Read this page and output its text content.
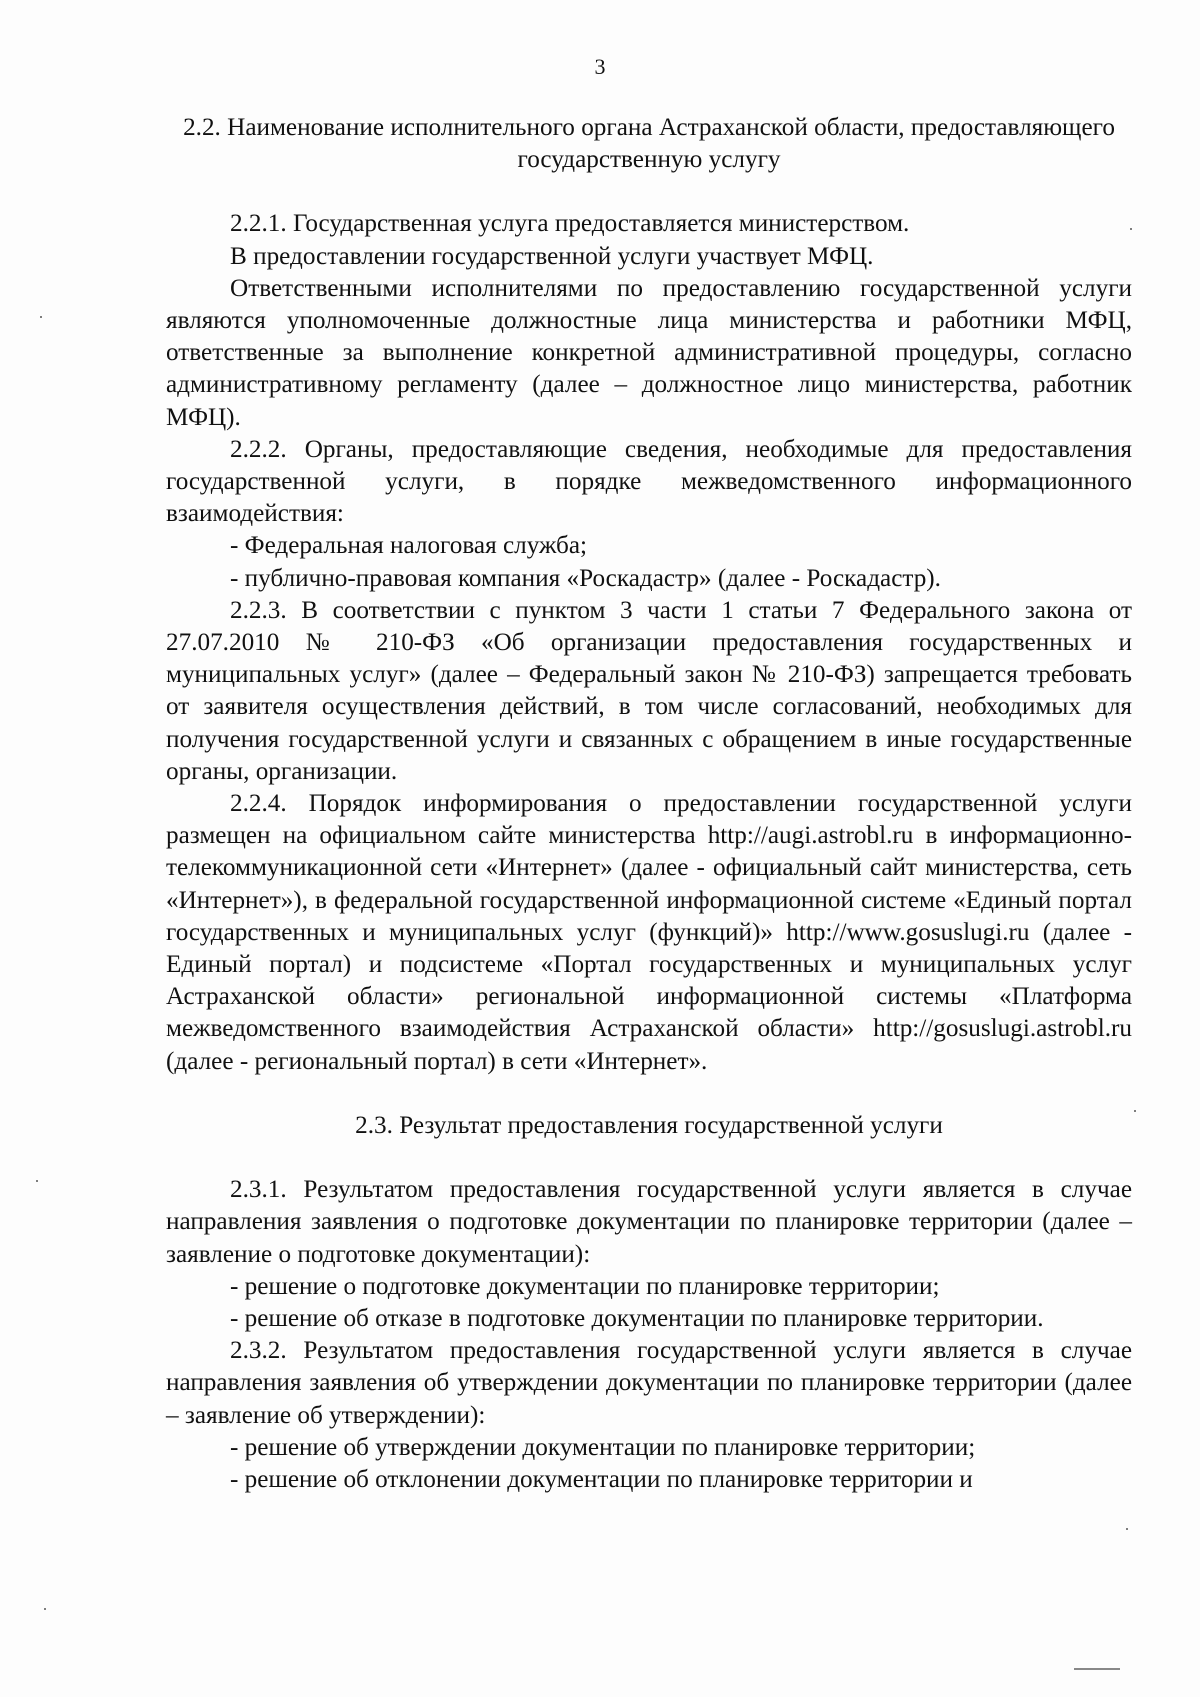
3

2.2. Наименование исполнительного органа Астраханской области, предоставляющего государственную услугу

2.2.1. Государственная услуга предоставляется министерством.

В предоставлении государственной услуги участвует МФЦ.

Ответственными исполнителями по предоставлению государственной услуги являются уполномоченные должностные лица министерства и работники МФЦ, ответственные за выполнение конкретной административной процедуры, согласно административному регламенту (далее – должностное лицо министерства, работник МФЦ).

2.2.2. Органы, предоставляющие сведения, необходимые для предоставления государственной услуги, в порядке межведомственного информационного взаимодействия:

- Федеральная налоговая служба;

- публично-правовая компания «Роскадастр» (далее - Роскадастр).

2.2.3. В соответствии с пунктом 3 части 1 статьи 7 Федерального закона от 27.07.2010 № 210-ФЗ «Об организации предоставления государственных и муниципальных услуг» (далее – Федеральный закон № 210-ФЗ) запрещается требовать от заявителя осуществления действий, в том числе согласований, необходимых для получения государственной услуги и связанных с обращением в иные государственные органы, организации.

2.2.4. Порядок информирования о предоставлении государственной услуги размещен на официальном сайте министерства http://augi.astrobl.ru в информационно-телекоммуникационной сети «Интернет» (далее - официальный сайт министерства, сеть «Интернет»), в федеральной государственной информационной системе «Единый портал государственных и муниципальных услуг (функций)» http://www.gosuslugi.ru (далее - Единый портал) и подсистеме «Портал государственных и муниципальных услуг Астраханской области» региональной информационной системы «Платформа межведомственного взаимодействия Астраханской области» http://gosuslugi.astrobl.ru (далее - региональный портал) в сети «Интернет».

2.3. Результат предоставления государственной услуги

2.3.1. Результатом предоставления государственной услуги является в случае направления заявления о подготовке документации по планировке территории (далее – заявление о подготовке документации):

- решение о подготовке документации по планировке территории;

- решение об отказе в подготовке документации по планировке территории.

2.3.2. Результатом предоставления государственной услуги является в случае направления заявления об утверждении документации по планировке территории (далее – заявление об утверждении):

- решение об утверждении документации по планировке территории;

- решение об отклонении документации по планировке территории и
